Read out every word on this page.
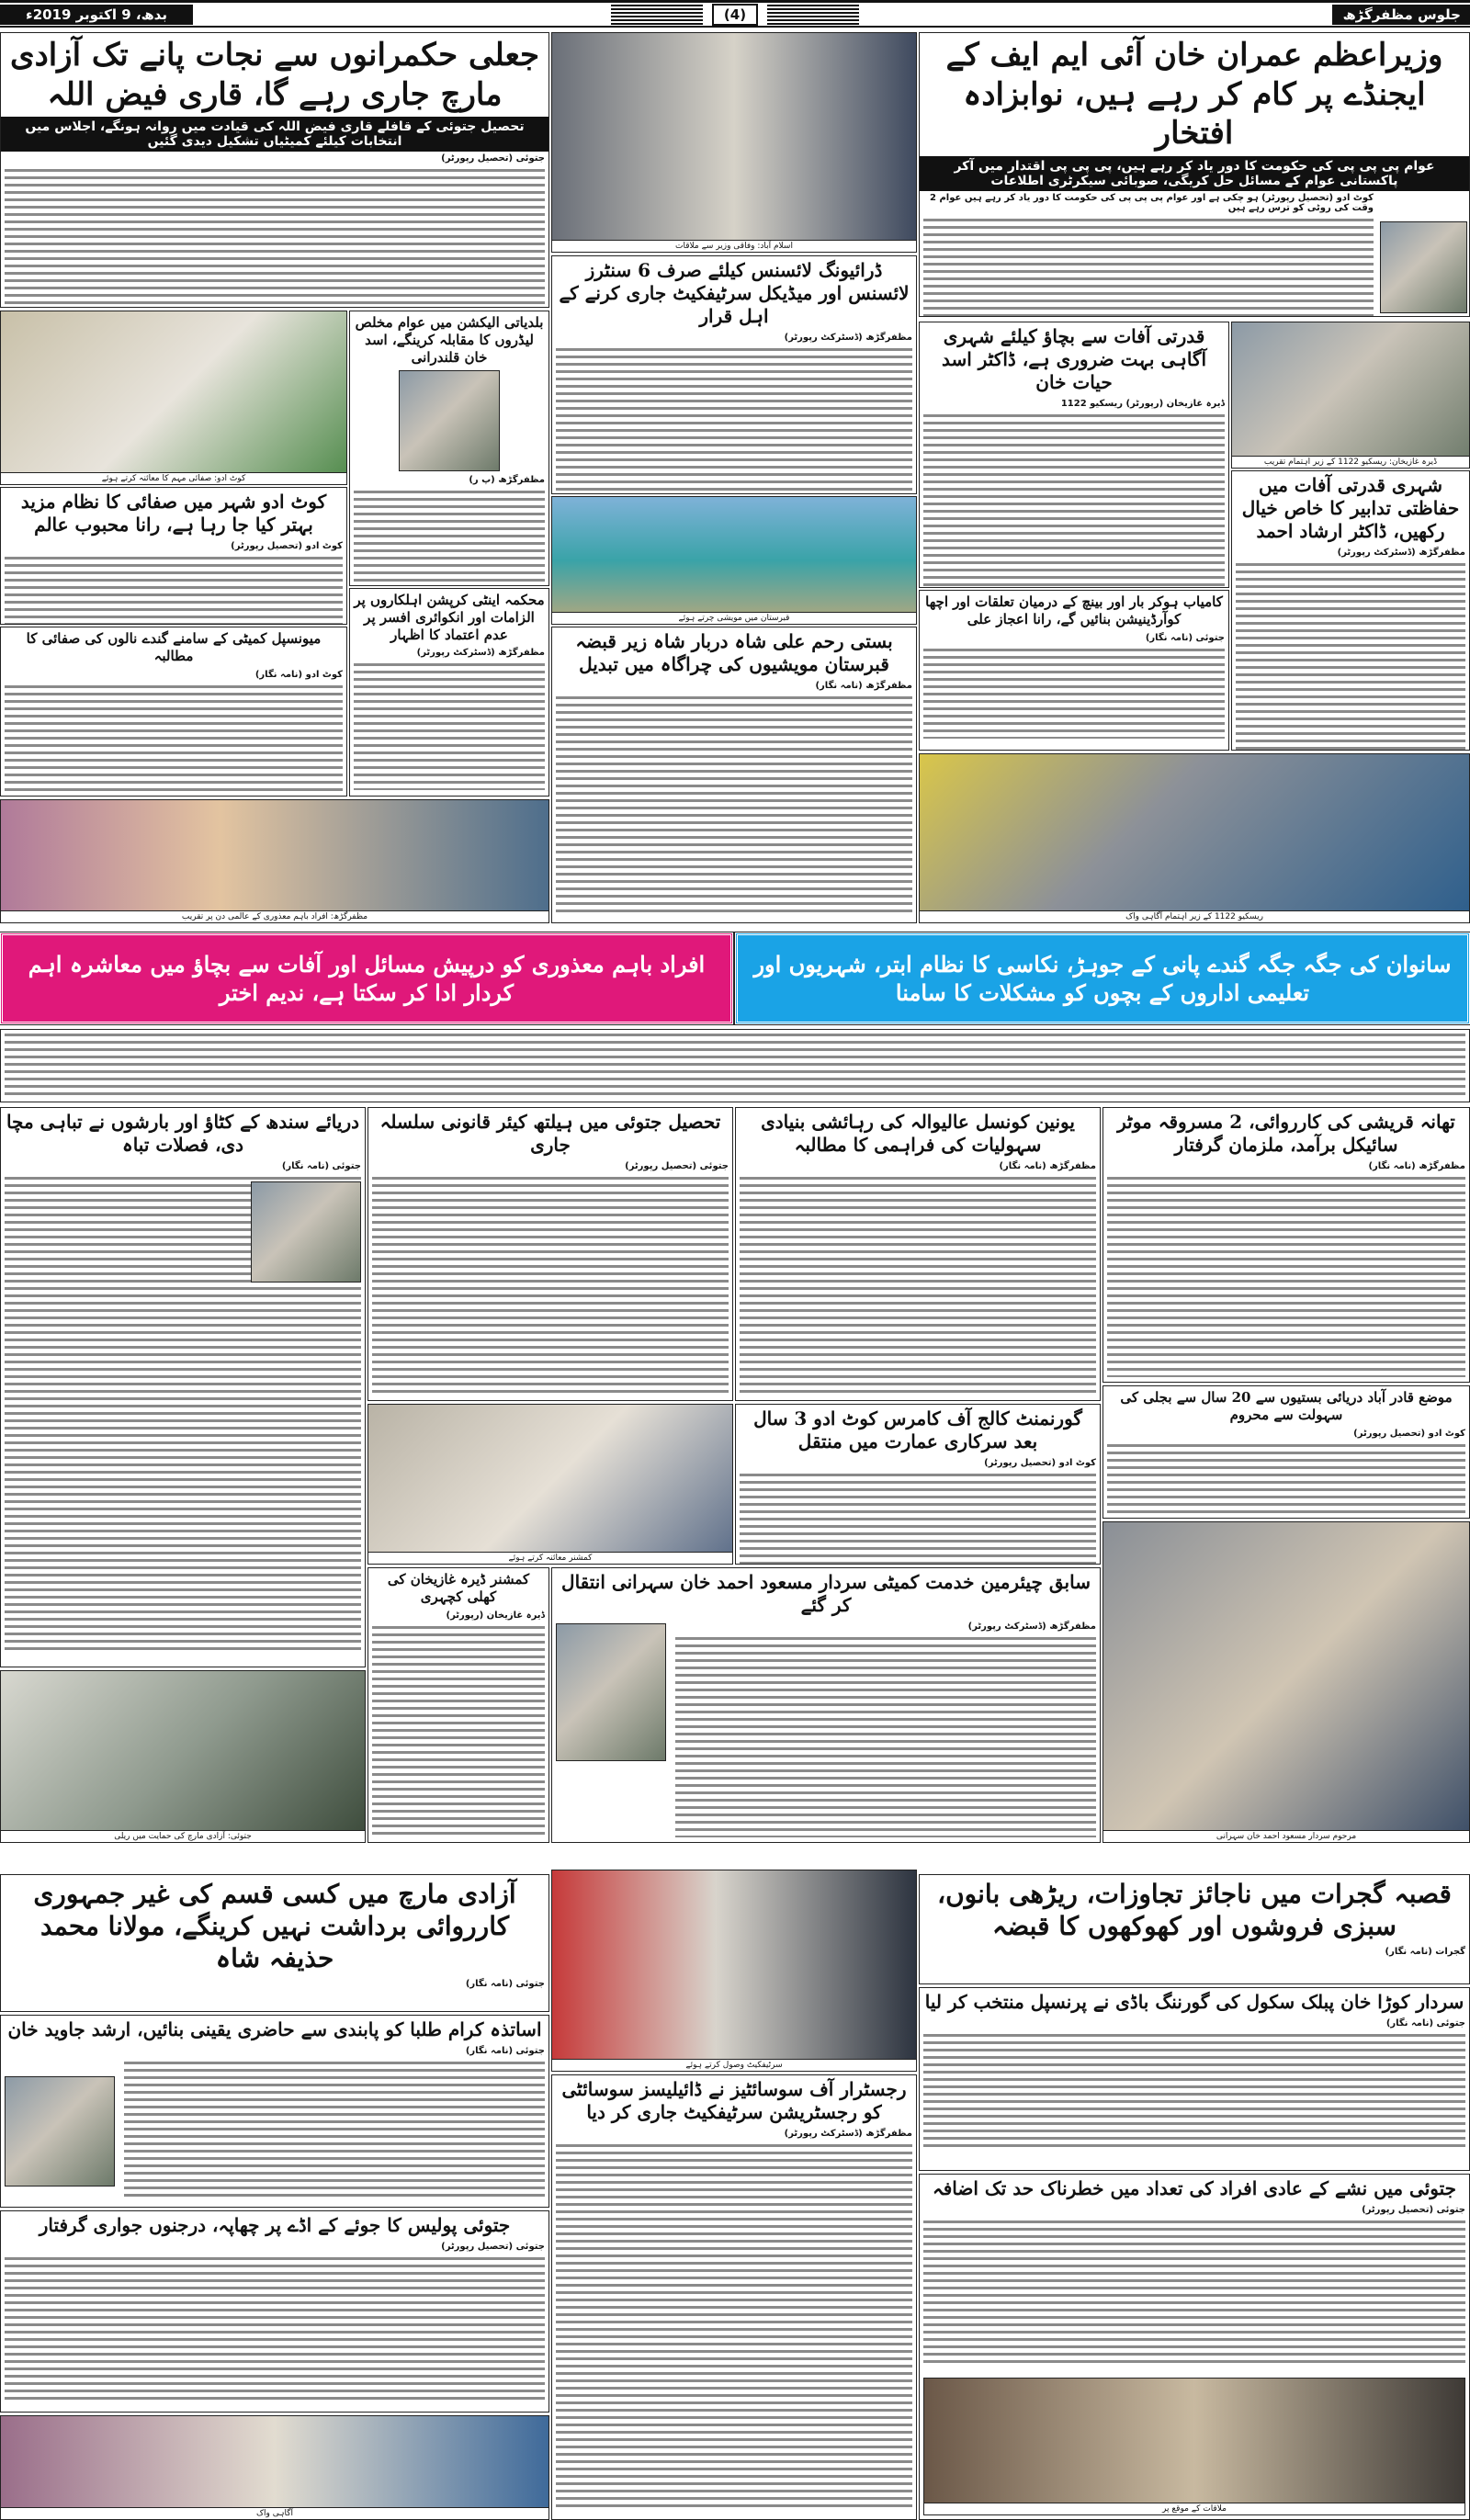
جلوس مظفرگڑھ
(4)
بدھ، 9 اکتوبر 2019ء
وزیراعظم عمران خان آئی ایم ایف کے ایجنڈے پر کام کر رہے ہیں، نوابزادہ افتخار
عوام پی پی پی کی حکومت کا دور یاد کر رہے ہیں، پی پی پی اقتدار میں آکر پاکستانی عوام کے مسائل حل کریگی، صوبائی سیکرٹری اطلاعات
کوٹ ادو (تحصیل رپورٹر) ہو چکی ہے اور عوام پی پی پی کی حکومت کا دور یاد کر رہے ہیں عوام 2 وقت کی روٹی کو ترس رہے ہیں
ڈیرہ غازیخان: ریسکیو 1122 کے زیر اہتمام تقریب
قدرتی آفات سے بچاؤ کیلئے شہری آگاہی بہت ضروری ہے، ڈاکٹر اسد حیات خان
ڈیرہ غازیخان (رپورٹر) ریسکیو 1122
شہری قدرتی آفات میں حفاظتی تدابیر کا خاص خیال رکھیں، ڈاکٹر ارشاد احمد
مظفرگڑھ (ڈسٹرکٹ رپورٹر)
کامیاب ہوکر بار اور بینچ کے درمیان تعلقات اور اچھا کوآرڈینیشن بنائیں گے، رانا اعجاز علی
جتوئی (نامہ نگار)
ریسکیو 1122 کے زیر اہتمام آگاہی واک
اسلام آباد: وفاقی وزیر سے ملاقات
ڈرائیونگ لائسنس کیلئے صرف 6 سنٹرز لائسنس اور میڈیکل سرٹیفکیٹ جاری کرنے کے اہل قرار
مظفرگڑھ (ڈسٹرکٹ رپورٹر)
قبرستان میں مویشی چرتے ہوئے
بستی رحم علی شاہ دربار شاہ زیر قبضہ قبرستان مویشیوں کی چراگاہ میں تبدیل
مظفرگڑھ (نامہ نگار)
جعلی حکمرانوں سے نجات پانے تک آزادی مارچ جاری رہے گا، قاری فیض اللہ
تحصیل جتوئی کے قافلے قاری فیض اللہ کی قیادت میں روانہ ہونگے، اجلاس میں انتخابات کیلئے کمیٹیاں تشکیل دیدی گئیں
جتوئی (تحصیل رپورٹر)
کوٹ ادو: صفائی مہم کا معائنہ کرتے ہوئے
بلدیاتی الیکشن میں عوام مخلص لیڈروں کا مقابلہ کرینگے، اسد خان قلندرانی
مظفرگڑھ (پ ر)
کوٹ ادو شہر میں صفائی کا نظام مزید بہتر کیا جا رہا ہے، رانا محبوب عالم
کوٹ ادو (تحصیل رپورٹر)
میونسپل کمیٹی کے سامنے گندے نالوں کی صفائی کا مطالبہ
کوٹ ادو (نامہ نگار)
محکمہ اینٹی کرپشن اہلکاروں پر الزامات اور انکوائری افسر پر عدم اعتماد کا اظہار
مظفرگڑھ (ڈسٹرکٹ رپورٹر)
مظفرگڑھ: افراد باہم معذوری کے عالمی دن پر تقریب
سانوان کی جگہ جگہ گندے پانی کے جوہڑ، نکاسی کا نظام ابتر، شہریوں اور تعلیمی اداروں کے بچوں کو مشکلات کا سامنا
افراد باہم معذوری کو درپیش مسائل اور آفات سے بچاؤ میں معاشرہ اہم کردار ادا کر سکتا ہے، ندیم اختر
تھانہ قریشی کی کارروائی، 2 مسروقہ موٹر سائیکل برآمد، ملزمان گرفتار
مظفرگڑھ (نامہ نگار)
موضع قادر آباد دریائی بستیوں سے 20 سال سے بجلی کی سہولت سے محروم
کوٹ ادو (تحصیل رپورٹر)
مرحوم سردار مسعود احمد خان سہرانی
یونین کونسل عالیوالہ کی رہائشی بنیادی سہولیات کی فراہمی کا مطالبہ
مظفرگڑھ (نامہ نگار)
گورنمنٹ کالج آف کامرس کوٹ ادو 3 سال بعد سرکاری عمارت میں منتقل
کوٹ ادو (تحصیل رپورٹر)
سابق چیئرمین خدمت کمیٹی سردار مسعود احمد خان سہرانی انتقال کر گئے
مظفرگڑھ (ڈسٹرکٹ رپورٹر)
تحصیل جتوئی میں ہیلتھ کیئر قانونی سلسلہ جاری
جتوئی (تحصیل رپورٹر)
کمشنر معائنہ کرتے ہوئے
کمشنر ڈیرہ غازیخان کی کھلی کچہری
ڈیرہ غازیخان (رپورٹر)
دریائے سندھ کے کٹاؤ اور بارشوں نے تباہی مچا دی، فصلات تباہ
جتوئی (نامہ نگار)
جتوئی: آزادی مارچ کی حمایت میں ریلی
قصبہ گجرات میں ناجائز تجاوزات، ریڑھی بانوں، سبزی فروشوں اور کھوکھوں کا قبضہ
گجرات (نامہ نگار)
سردار کوڑا خان پبلک سکول کی گورننگ باڈی نے پرنسپل منتخب کر لیا
جتوئی (نامہ نگار)
جتوئی میں نشے کے عادی افراد کی تعداد میں خطرناک حد تک اضافہ
جتوئی (تحصیل رپورٹر)
ملاقات کے موقع پر
سرٹیفکیٹ وصول کرتے ہوئے
رجسٹرار آف سوسائٹیز نے ڈائیلیسز سوسائٹی کو رجسٹریشن سرٹیفکیٹ جاری کر دیا
مظفرگڑھ (ڈسٹرکٹ رپورٹر)
آزادی مارچ میں کسی قسم کی غیر جمہوری کارروائی برداشت نہیں کرینگے، مولانا محمد حذیفہ شاہ
جتوئی (نامہ نگار)
اساتذہ کرام طلبا کو پابندی سے حاضری یقینی بنائیں، ارشد جاوید خان
جتوئی (نامہ نگار)
جتوئی پولیس کا جوئے کے اڈے پر چھاپہ، درجنوں جواری گرفتار
جتوئی (تحصیل رپورٹر)
آگاہی واک
